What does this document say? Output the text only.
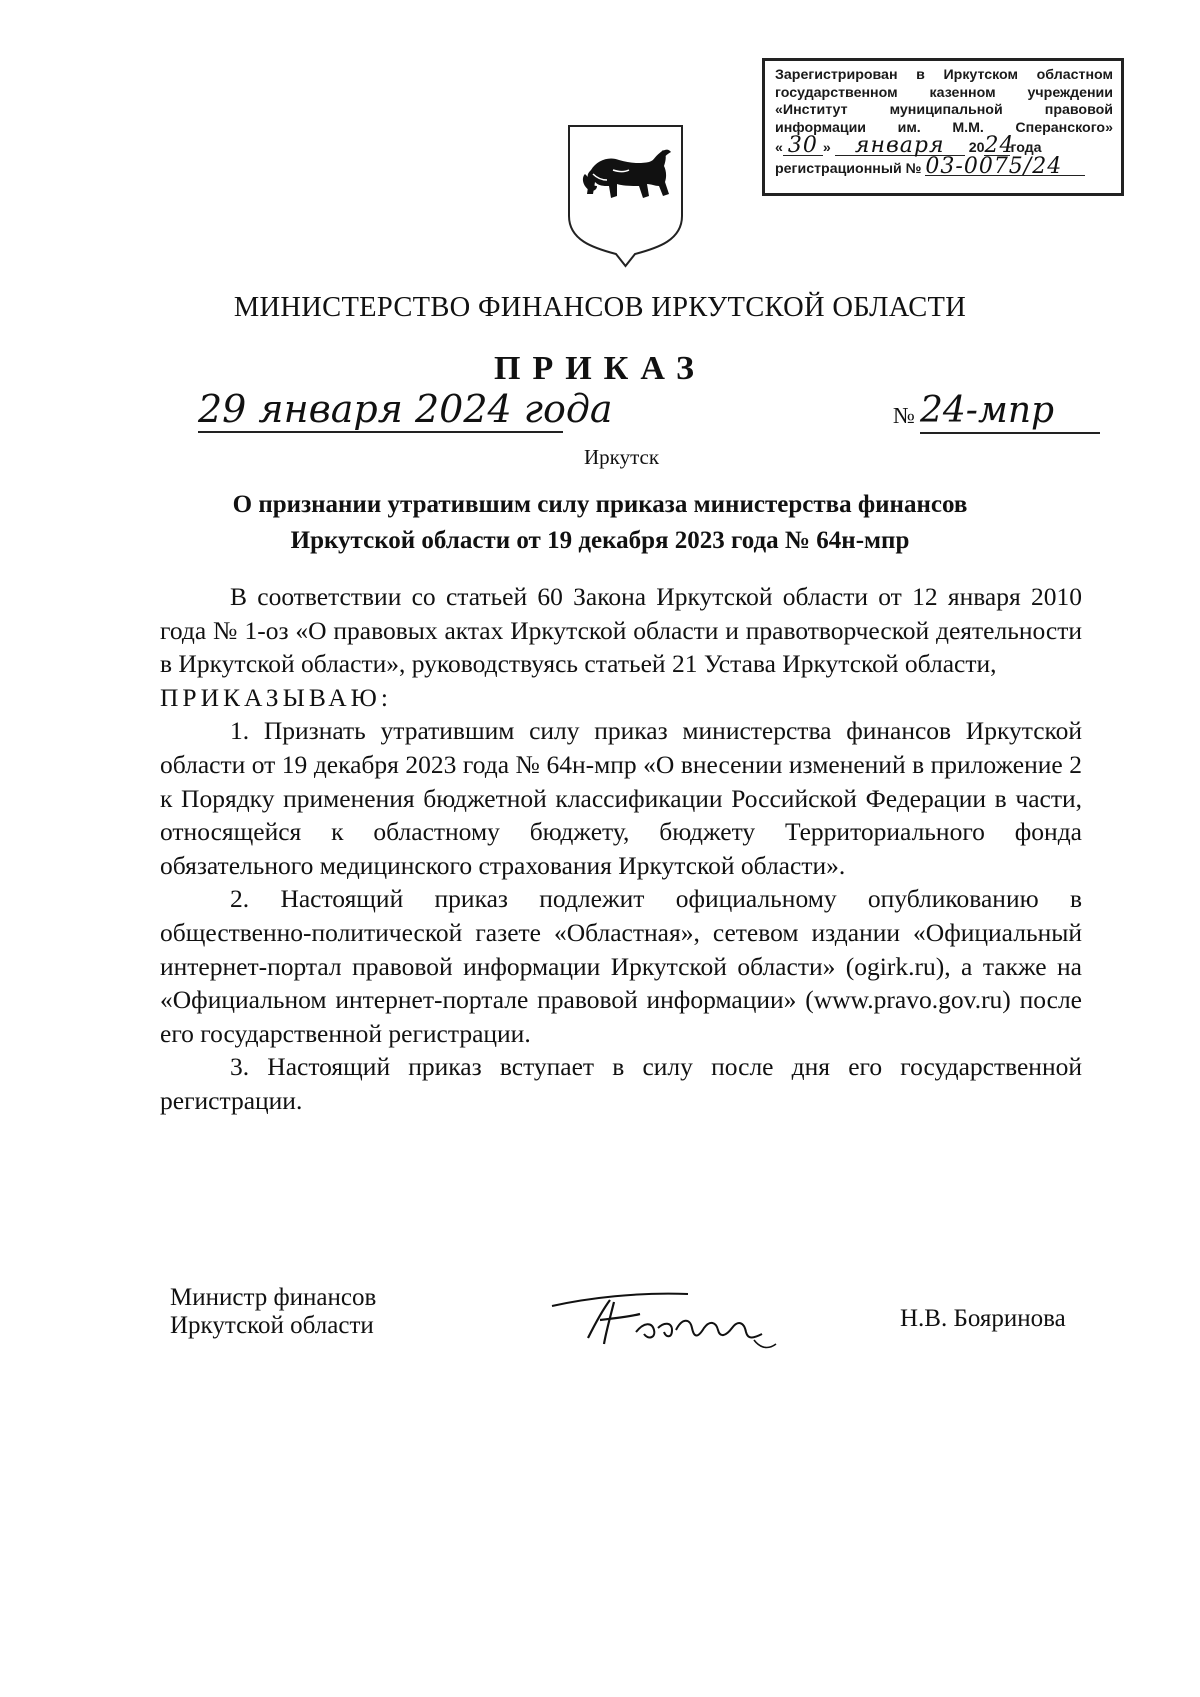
Зарегистрирован в Иркутском областном
государственном казенном учреждении
«Институт муниципальной правовой
информации им. М.М. Сперанского»
« 30 » января 2024года
регистрационный № 03-0075/24
МИНИСТЕРСТВО ФИНАНСОВ ИРКУТСКОЙ ОБЛАСТИ
ПРИКАЗ
29 января 2024 года	№ 24-мпр
Иркутск
О признании утратившим силу приказа министерства финансов
Иркутской области от 19 декабря 2023 года № 64н-мпр

В соответствии со статьей 60 Закона Иркутской области от 12 января 2010 года № 1-оз «О правовых актах Иркутской области и правотворческой деятельности в Иркутской области», руководствуясь статьей 21 Устава Иркутской области,

ПРИКАЗЫВАЮ:

1. Признать утратившим силу приказ министерства финансов Иркутской области от 19 декабря 2023 года № 64н-мпр «О внесении изменений в приложение 2 к Порядку применения бюджетной классификации Российской Федерации в части, относящейся к областному бюджету, бюджету Территориального фонда обязательного медицинского страхования Иркутской области».

2. Настоящий приказ подлежит официальному опубликованию в общественно-политической газете «Областная», сетевом издании «Официальный интернет-портал правовой информации Иркутской области» (ogirk.ru), а также на «Официальном интернет-портале правовой информации» (www.pravo.gov.ru) после его государственной регистрации.

3. Настоящий приказ вступает в силу после дня его государственной регистрации.

Министр финансов
Иркутской области	Н.В. Бояринова
